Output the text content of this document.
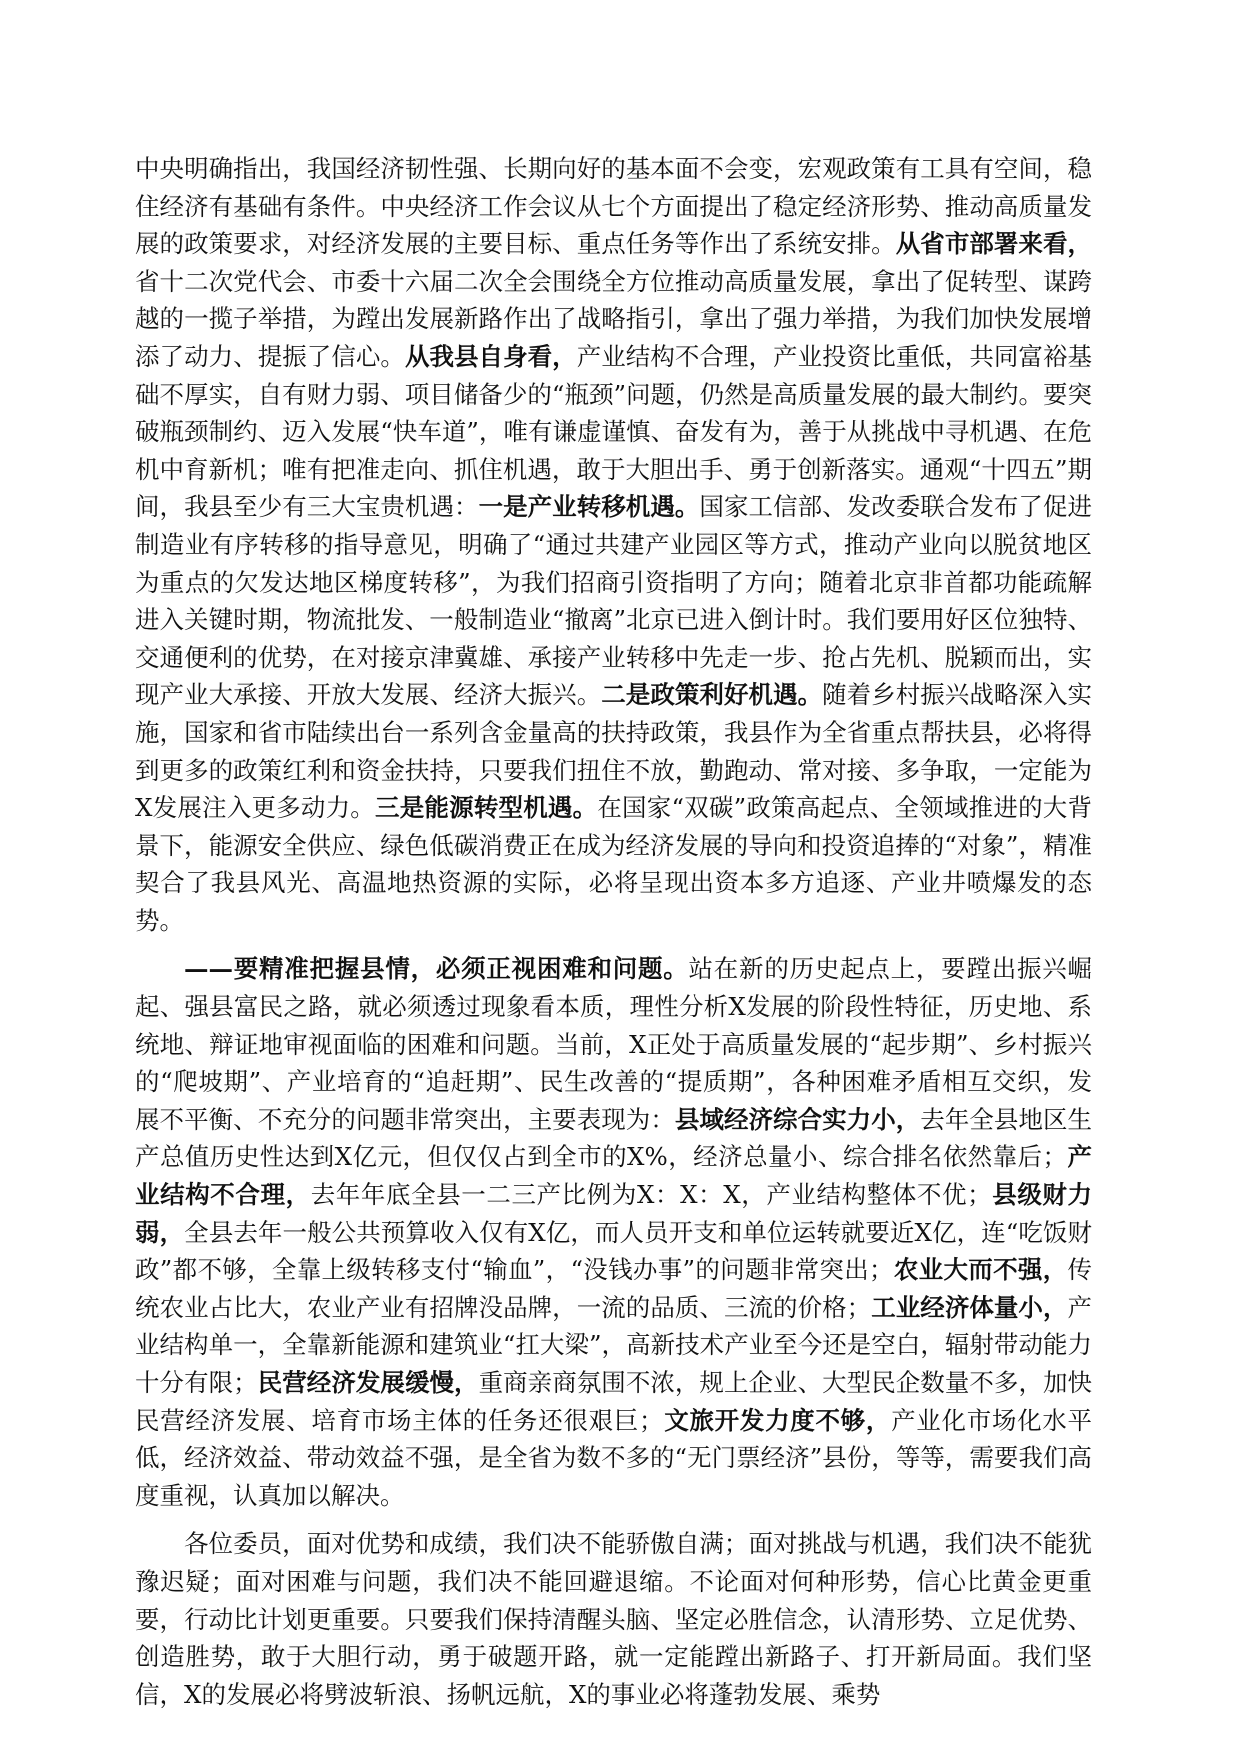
中央明确指出，我国经济韧性强、长期向好的基本面不会变，宏观政策有工具有空间，稳住经济有基础有条件。中央经济工作会议从七个方面提出了稳定经济形势、推动高质量发展的政策要求，对经济发展的主要目标、重点任务等作出了系统安排。从省市部署来看，省十二次党代会、市委十六届二次全会围绕全方位推动高质量发展，拿出了促转型、谋跨越的一揽子举措，为蹚出发展新路作出了战略指引，拿出了强力举措，为我们加快发展增添了动力、提振了信心。从我县自身看，产业结构不合理，产业投资比重低，共同富裕基础不厚实，自有财力弱、项目储备少的“瓶颈”问题，仍然是高质量发展的最大制约。要突破瓶颈制约、迈入发展“快车道”，唯有谦虚谨慎、奋发有为，善于从挑战中寻机遇、在危机中育新机；唯有把准走向、抓住机遇，敢于大胆出手、勇于创新落实。通观“十四五”期间，我县至少有三大宝贵机遇：一是产业转移机遇。国家工信部、发改委联合发布了促进制造业有序转移的指导意见，明确了“通过共建产业园区等方式，推动产业向以脱贫地区为重点的欠发达地区梯度转移”，为我们招商引资指明了方向；随着北京非首都功能疏解进入关键时期，物流批发、一般制造业“撤离”北京已进入倒计时。我们要用好区位独特、交通便利的优势，在对接京津冀雄、承接产业转移中先走一步、抢占先机、脱颖而出，实现产业大承接、开放大发展、经济大振兴。二是政策利好机遇。随着乡村振兴战略深入实施，国家和省市陆续出台一系列含金量高的扶持政策，我县作为全省重点帮扶县，必将得到更多的政策红利和资金扶持，只要我们扭住不放，勤跑动、常对接、多争取，一定能为X发展注入更多动力。三是能源转型机遇。在国家“双碳”政策高起点、全领域推进的大背景下，能源安全供应、绿色低碳消费正在成为经济发展的导向和投资追捧的“对象”，精准契合了我县风光、高温地热资源的实际，必将呈现出资本多方追逐、产业井喷爆发的态势。

——要精准把握县情，必须正视困难和问题。站在新的历史起点上，要蹚出振兴崛起、强县富民之路，就必须透过现象看本质，理性分析X发展的阶段性特征，历史地、系统地、辩证地审视面临的困难和问题。当前，X正处于高质量发展的“起步期”、乡村振兴的“爬坡期”、产业培育的“追赶期”、民生改善的“提质期”，各种困难矛盾相互交织，发展不平衡、不充分的问题非常突出，主要表现为：县域经济综合实力小，去年全县地区生产总值历史性达到X亿元，但仅仅占到全市的X%，经济总量小、综合排名依然靠后；产业结构不合理，去年年底全县一二三产比例为X：X：X，产业结构整体不优；县级财力弱，全县去年一般公共预算收入仅有X亿，而人员开支和单位运转就要近X亿，连“吃饭财政”都不够，全靠上级转移支付“输血”，“没钱办事”的问题非常突出；农业大而不强，传统农业占比大，农业产业有招牌没品牌，一流的品质、三流的价格；工业经济体量小，产业结构单一，全靠新能源和建筑业“扛大梁”，高新技术产业至今还是空白，辐射带动能力十分有限；民营经济发展缓慢，重商亲商氛围不浓，规上企业、大型民企数量不多，加快民营经济发展、培育市场主体的任务还很艰巨；文旅开发力度不够，产业化市场化水平低，经济效益、带动效益不强，是全省为数不多的“无门票经济”县份，等等，需要我们高度重视，认真加以解决。

各位委员，面对优势和成绩，我们决不能骄傲自满；面对挑战与机遇，我们决不能犹豫迟疑；面对困难与问题，我们决不能回避退缩。不论面对何种形势，信心比黄金更重要，行动比计划更重要。只要我们保持清醒头脑、坚定必胜信念，认清形势、立足优势、创造胜势，敢于大胆行动，勇于破题开路，就一定能蹚出新路子、打开新局面。我们坚信，X的发展必将劈波斩浪、扬帆远航，X的事业必将蓬勃发展、乘势
